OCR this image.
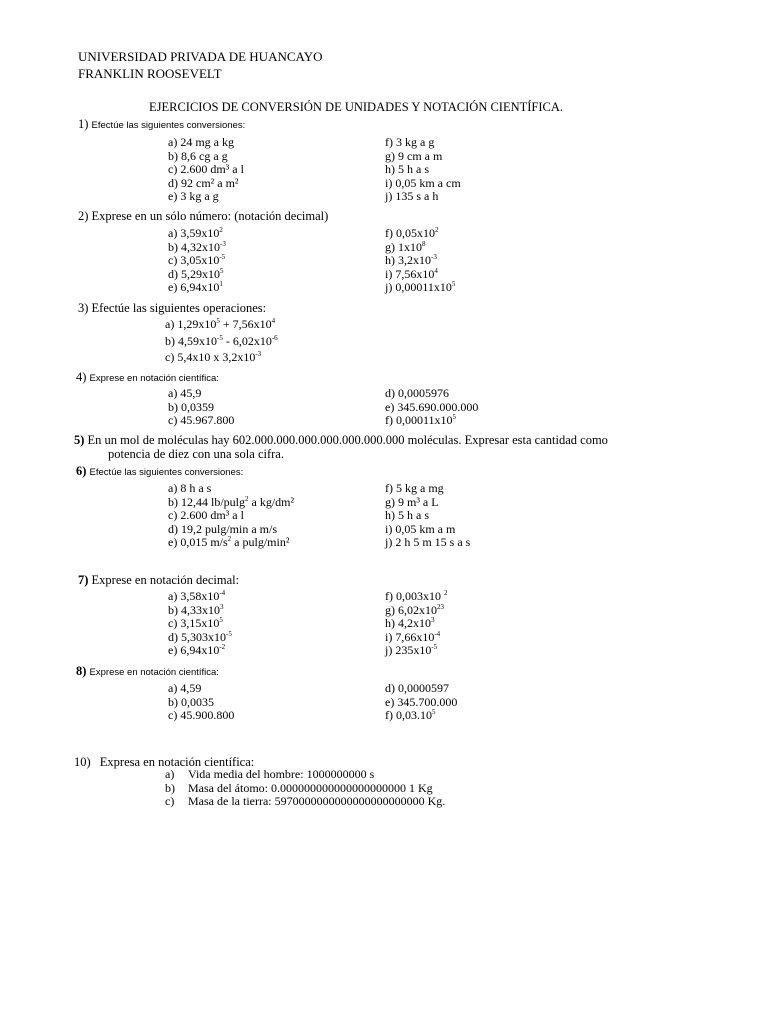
UNIVERSIDAD PRIVADA DE HUANCAYO
FRANKLIN ROOSEVELT
EJERCICIOS DE CONVERSIÓN DE UNIDADES Y NOTACIÓN CIENTÍFICA.
1) Efectúe las siguientes conversiones:
a) 24 mg a kg
b) 8,6 cg a g
c) 2.600 dm³ a l
d) 92 cm² a m²
e) 3 kg a g
f) 3 kg a g
g) 9 cm a m
h) 5 h a s
i) 0,05 km a cm
j) 135 s a h
2) Exprese en un sólo número: (notación decimal)
a) $3,59x10^2$
b) $4,32x10^{-3}$
c) $3,05x10^{-5}$
d) $5,29x10^5$
e) $6,94x10^1$
f) $0,05x10^2$
g) $1x10^8$
h) $3,2x10^{-3}$
i) $7,56x10^4$
j) $0,00011x10^5$
3) Efectúe las siguientes operaciones:
a) $1,29x10^5 + 7,56x10^4$
b) $4,59x10^{-5} - 6,02x10^{-6}$
c) 5,4x10 x $3,2x10^{-3}$
4) Exprese en notación científica:
a) 45,9
b) 0,0359
c) 45.967.800
d) 0,0005976
e) 345.690.000.000
f) $0,00011x10^5$
5) En un mol de moléculas hay 602.000.000.000.000.000.000.000 moléculas. Expresar esta cantidad como
potencia de diez con una sola cifra.
6) Efectúe las siguientes conversiones:
a) 8 h a s
b) 12,44 lb/pulg$^2$ a kg/dm²
c) 2.600 dm³ a l
d) 19,2 pulg/min a m/s
e) 0,015 $m/s^2$ a pulg/min²
f) 5 kg a mg
g) 9 m³ a L
h) 5 h a s
i) 0,05 km a m
j) 2 h 5 m 15 s a s
7) Exprese en notación decimal:
a) $3,58x10^{-4}$
b) $4,33x10^3$
c) $3,15x10^5$
d) $5,303x10^{-5}$
e) $6,94x10^{-2}$
f) 0,003x10 $^2$
g) $6,02x10^{23}$
h) $4,2x10^3$
i) $7,66x10^{-4}$
j) $235x10^{-5}$
8) Exprese en notación científica:
a) 4,59
b) 0,0035
c) 45.900.800
d) 0,0000597
e) 345.700.000
f) 0,03.10$^5$
10) Expresa en notación científica:
a) Vida media del hombre: 1000000000 s
b) Masa del átomo: 0.000000000000000000000 1 Kg
c) Masa de la tierra: 5970000000000000000000000 Kg.
